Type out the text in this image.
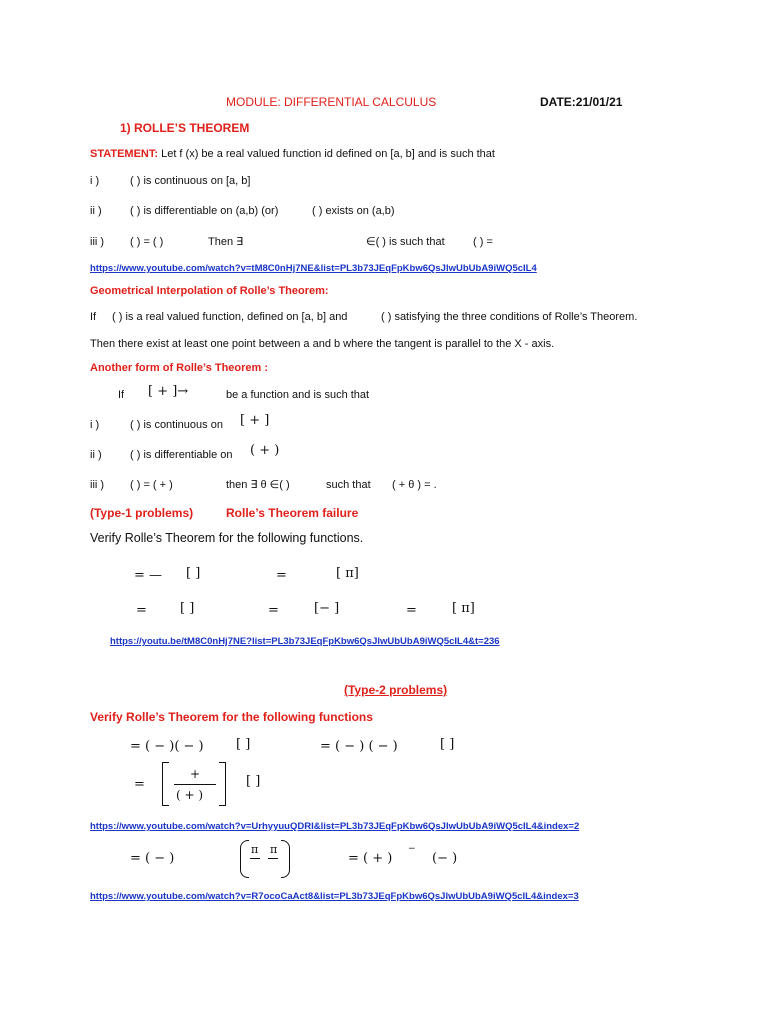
MODULE: DIFFERENTIAL CALCULUS	DATE:21/01/21
1) ROLLE’S THEOREM
STATEMENT: Let f (x) be a real valued function id defined on [a, b] and is such that
i )	( ) is continuous on [a, b]
ii )	( ) is differentiable on (a,b) (or)	( ) exists on (a,b)
iii ) ( ) = ( )	Then ∃	∈( ) is such that	( ) =
https://www.youtube.com/watch?v=tM8C0nHj7NE&list=PL3b73JEqFpKbw6QsJlwUbUbA9iWQ5cIL4
Geometrical Interpolation of Rolle’s Theorem:
If ( ) is a real valued function, defined on [a, b] and	( ) satisfying the three conditions of Rolle’s Theorem.
Then there exist at least one point between a and b where the tangent is parallel to the X - axis.
Another form of Rolle’s Theorem :
If [ + ]→	be a function and is such that
i )	( ) is continuous on [ + ]
ii )	( ) is differentiable on ( + )
iii ) ( ) = ( + )	then ∃ θ ∈( )	such that ( + θ ) = .
(Type-1 problems)	Rolle’s Theorem failure
Verify Rolle’s Theorem for the following functions.
= — [ ]	=	[ π]
=	[ ]	=	[− ]	=	[ π]
https://youtu.be/tM8C0nHj7NE?list=PL3b73JEqFpKbw6QsJlwUbUbA9iWQ5cIL4&t=236
(Type-2 problems)
Verify Rolle’s Theorem for the following functions
= ( − )( − ) [ ]	= ( − ) ( − )	[ ]
=
+
( + )
[ ]
https://www.youtube.com/watch?v=UrhyyuuQDRI&list=PL3b73JEqFpKbw6QsJlwUbUbA9iWQ5cIL4&index=2
= ( − )
π π
= ( + )
−
(− )
https://www.youtube.com/watch?v=R7ocoCaAct8&list=PL3b73JEqFpKbw6QsJlwUbUbA9iWQ5cIL4&index=3
